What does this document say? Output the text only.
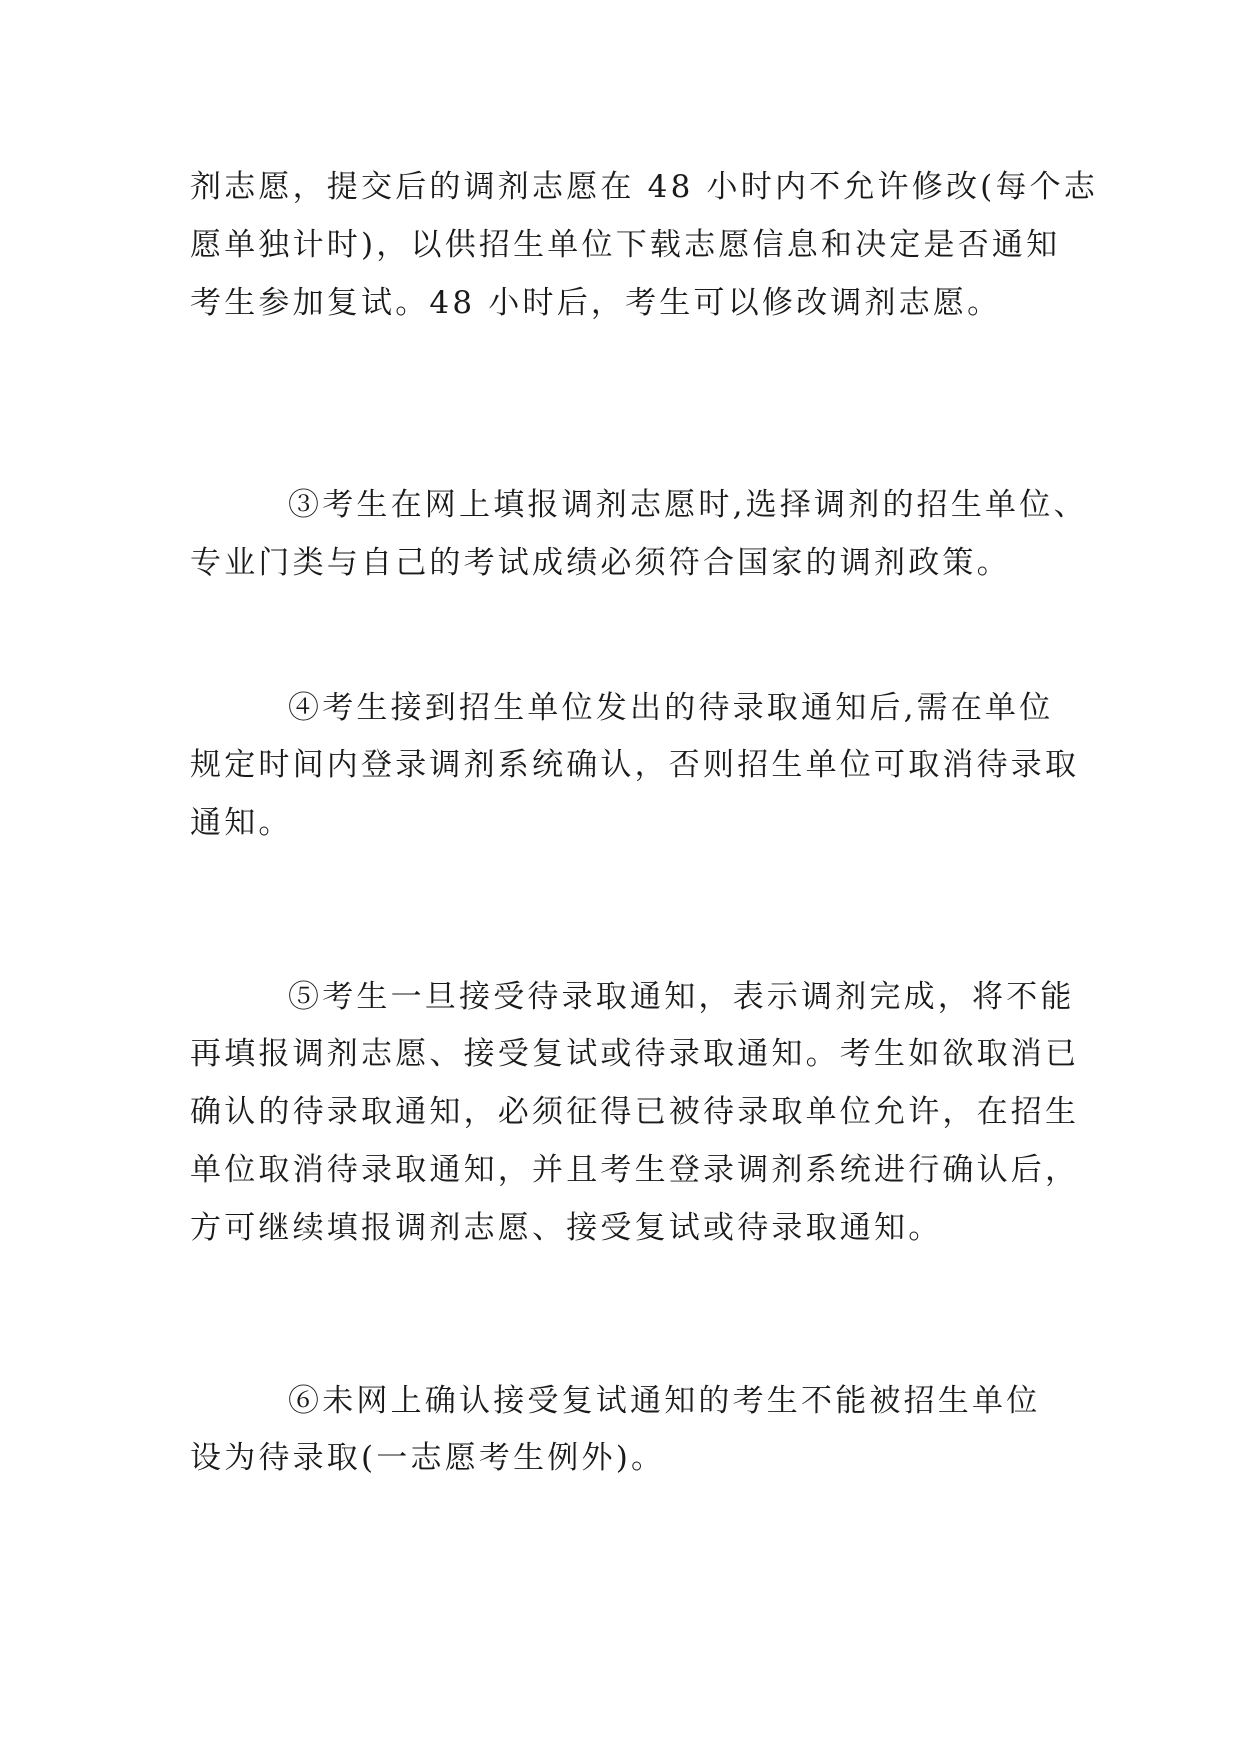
剂志愿，提交后的调剂志愿在 48 小时内不允许修改(每个志
愿单独计时)，以供招生单位下载志愿信息和决定是否通知
考生参加复试。48 小时后，考生可以修改调剂志愿。
③考生在网上填报调剂志愿时,选择调剂的招生单位、
专业门类与自己的考试成绩必须符合国家的调剂政策。
④考生接到招生单位发出的待录取通知后,需在单位
规定时间内登录调剂系统确认，否则招生单位可取消待录取
通知。
⑤考生一旦接受待录取通知，表示调剂完成，将不能
再填报调剂志愿、接受复试或待录取通知。考生如欲取消已
确认的待录取通知，必须征得已被待录取单位允许，在招生
单位取消待录取通知，并且考生登录调剂系统进行确认后，
方可继续填报调剂志愿、接受复试或待录取通知。
⑥未网上确认接受复试通知的考生不能被招生单位
设为待录取(一志愿考生例外)。
